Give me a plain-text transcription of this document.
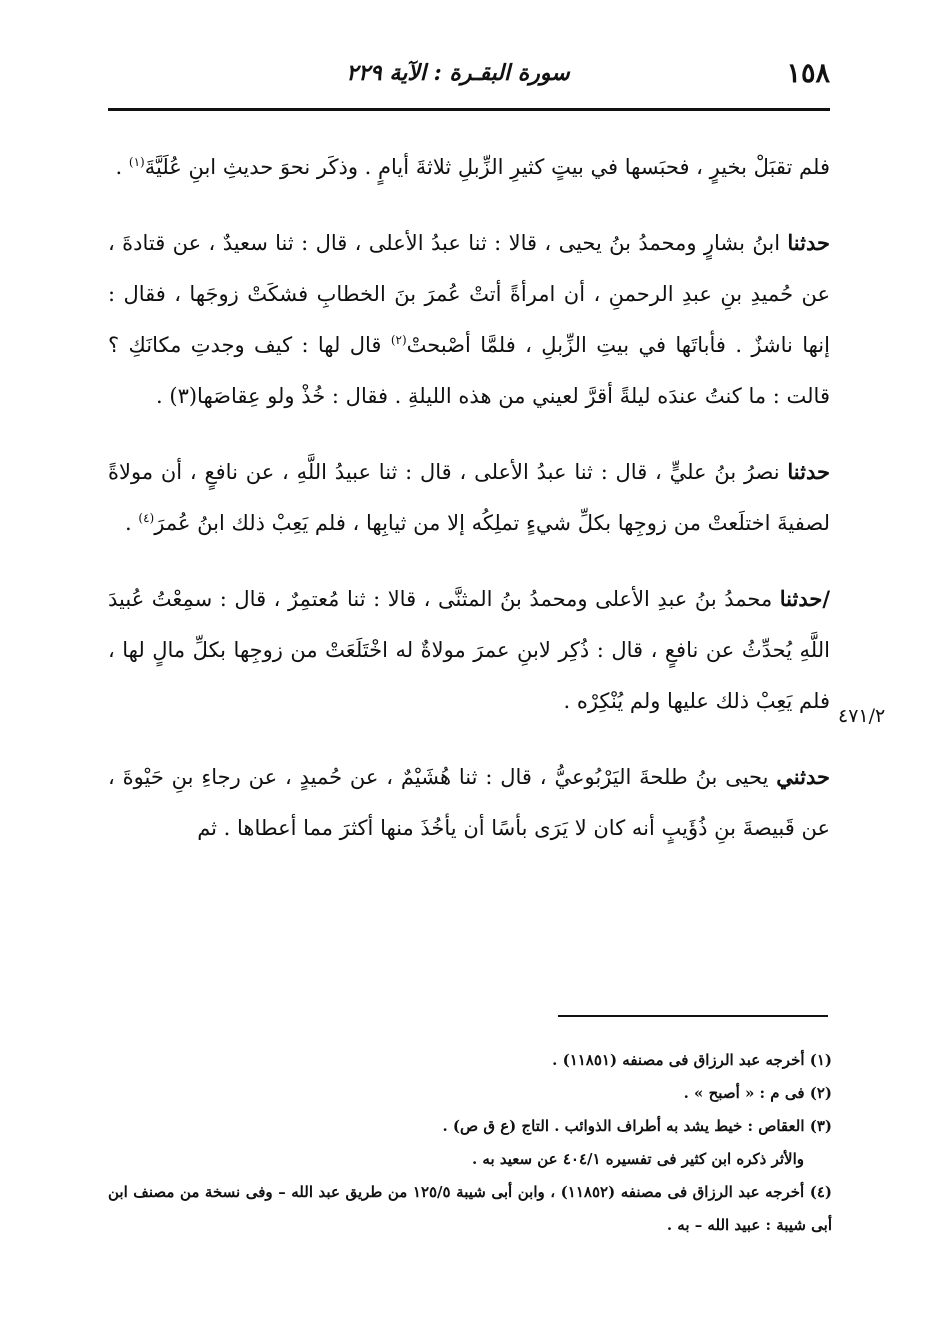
١٥٨
سورة البقـرة : الآية ٢٢٩
٤٧١/٢

فلم تقبَلْ بخيرٍ ، فحبَسها في بيتٍ كثيرِ الزِّبلِ ثلاثةَ أيامٍ . وذكَر نحوَ حديثِ ابنِ عُلَيَّةَ$^{(١)}$ .

حدثنا ابنُ بشارٍ ومحمدُ بنُ يحيى ، قالا : ثنا عبدُ الأعلى ، قال : ثنا سعيدٌ ، عن قتادةَ ، عن حُميدِ بنِ عبدِ الرحمنِ ، أن امرأةً أتتْ عُمرَ بنَ الخطابِ فشكَتْ زوجَها ، فقال : إنها ناشزٌ . فأباتَها في بيتِ الزِّبلِ ، فلمَّا أصْبحتْ$^{(٢)}$ قال لها : كيف وجدتِ مكانَكِ ؟ قالت : ما كنتُ عندَه ليلةً أقرَّ لعيني من هذه الليلةِ . فقال : خُذْ ولو عِقاصَها(٣) .

حدثنا نصرُ بنُ عليٍّ ، قال : ثنا عبدُ الأعلى ، قال : ثنا عبيدُ اللَّهِ ، عن نافعٍ ، أن مولاةً لصفيةَ اختلَعتْ من زوجِها بكلِّ شيءٍ تملِكُه إلا من ثيابِها ، فلم يَعِبْ ذلك ابنُ عُمرَ$^{(٤)}$ .

/حدثنا محمدُ بنُ عبدِ الأعلى ومحمدُ بنُ المثنَّى ، قالا : ثنا مُعتمِرٌ ، قال : سمِعْتُ عُبيدَ اللَّهِ يُحدِّثُ عن نافعٍ ، قال : ذُكِر لابنِ عمرَ مولاةٌ له اخْتَلَعَتْ من زوجِها بكلِّ مالٍ لها ، فلم يَعِبْ ذلك عليها ولم يُنْكِرْه .

حدثني يحيى بنُ طلحةَ اليَرْبُوعيُّ ، قال : ثنا هُشَيْمٌ ، عن حُميدٍ ، عن رجاءِ بنِ حَيْوةَ ، عن قَبيصةَ بنِ ذُؤَيبٍ أنه كان لا يَرَى بأسًا أن يأخُذَ منها أكثرَ مما أعطاها . ثم

(١) أخرجه عبد الرزاق فى مصنفه (١١٨٥١) .

(٢) فى م : « أصبح » .

(٣) العقاص : خيط يشد به أطراف الذوائب . التاج (ع ق ص) .

والأثر ذكره ابن كثير فى تفسيره ٤٠٤/١ عن سعيد به .

(٤) أخرجه عبد الرزاق فى مصنفه (١١٨٥٢) ، وابن أبى شيبة ١٢٥/٥ من طريق عبد الله – وفى نسخة من مصنف ابن أبى شيبة : عبيد الله – به .
